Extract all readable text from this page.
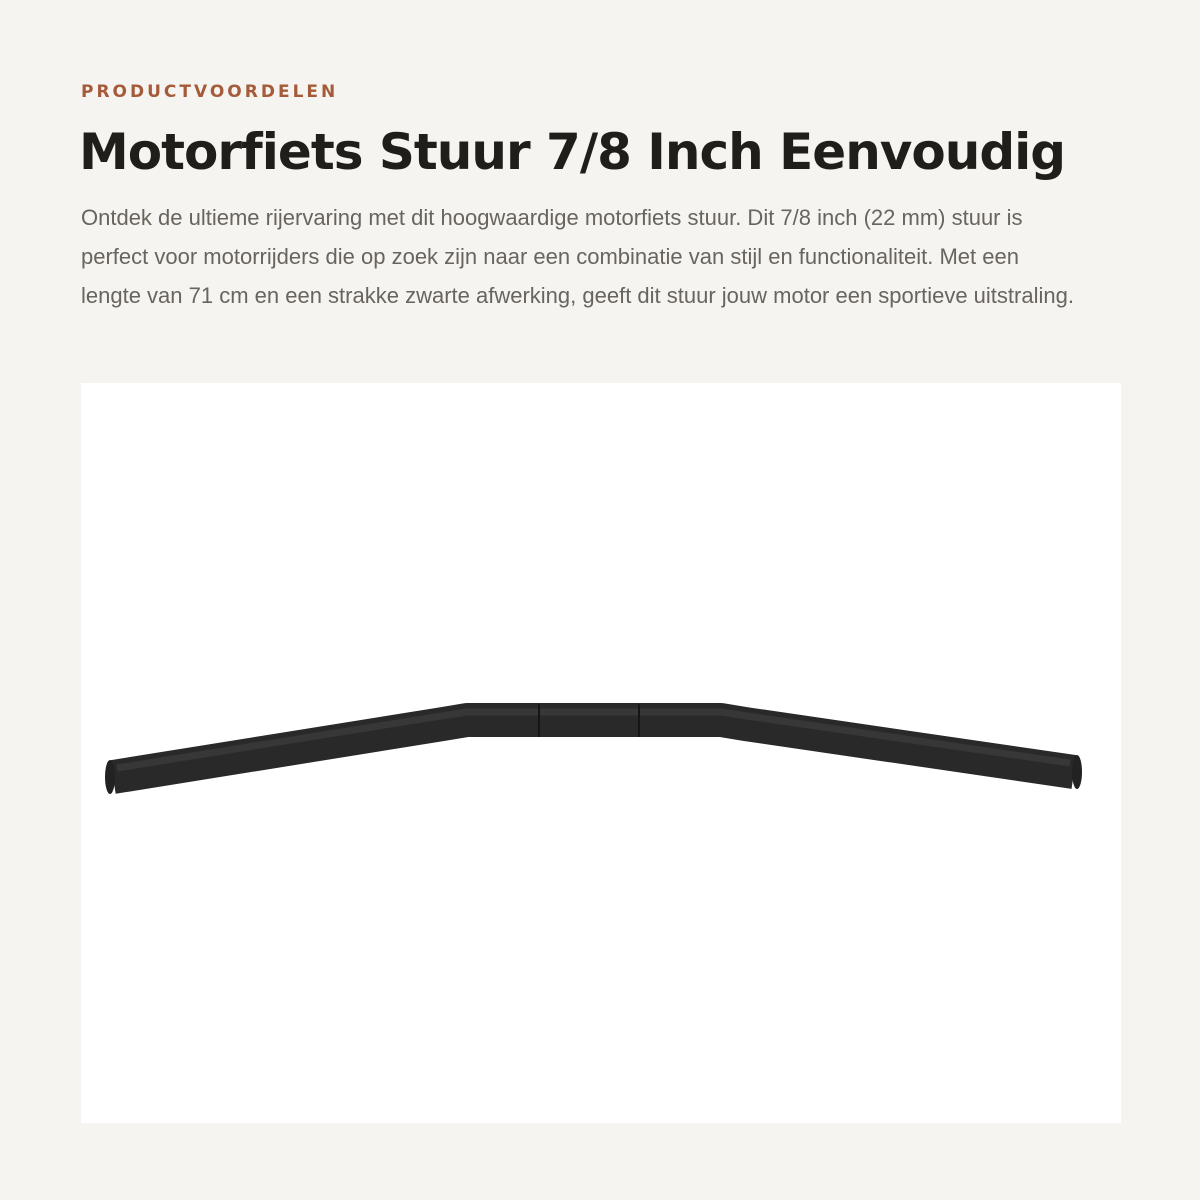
PRODUCTVOORDELEN

Motorfiets Stuur 7/8 Inch Eenvoudig

Ontdek de ultieme rijervaring met dit hoogwaardige motorfiets stuur. Dit 7/8 inch (22 mm) stuur is perfect voor motorrijders die op zoek zijn naar een combinatie van stijl en functionaliteit. Met een lengte van 71 cm en een strakke zwarte afwerking, geeft dit stuur jouw motor een sportieve uitstraling.
